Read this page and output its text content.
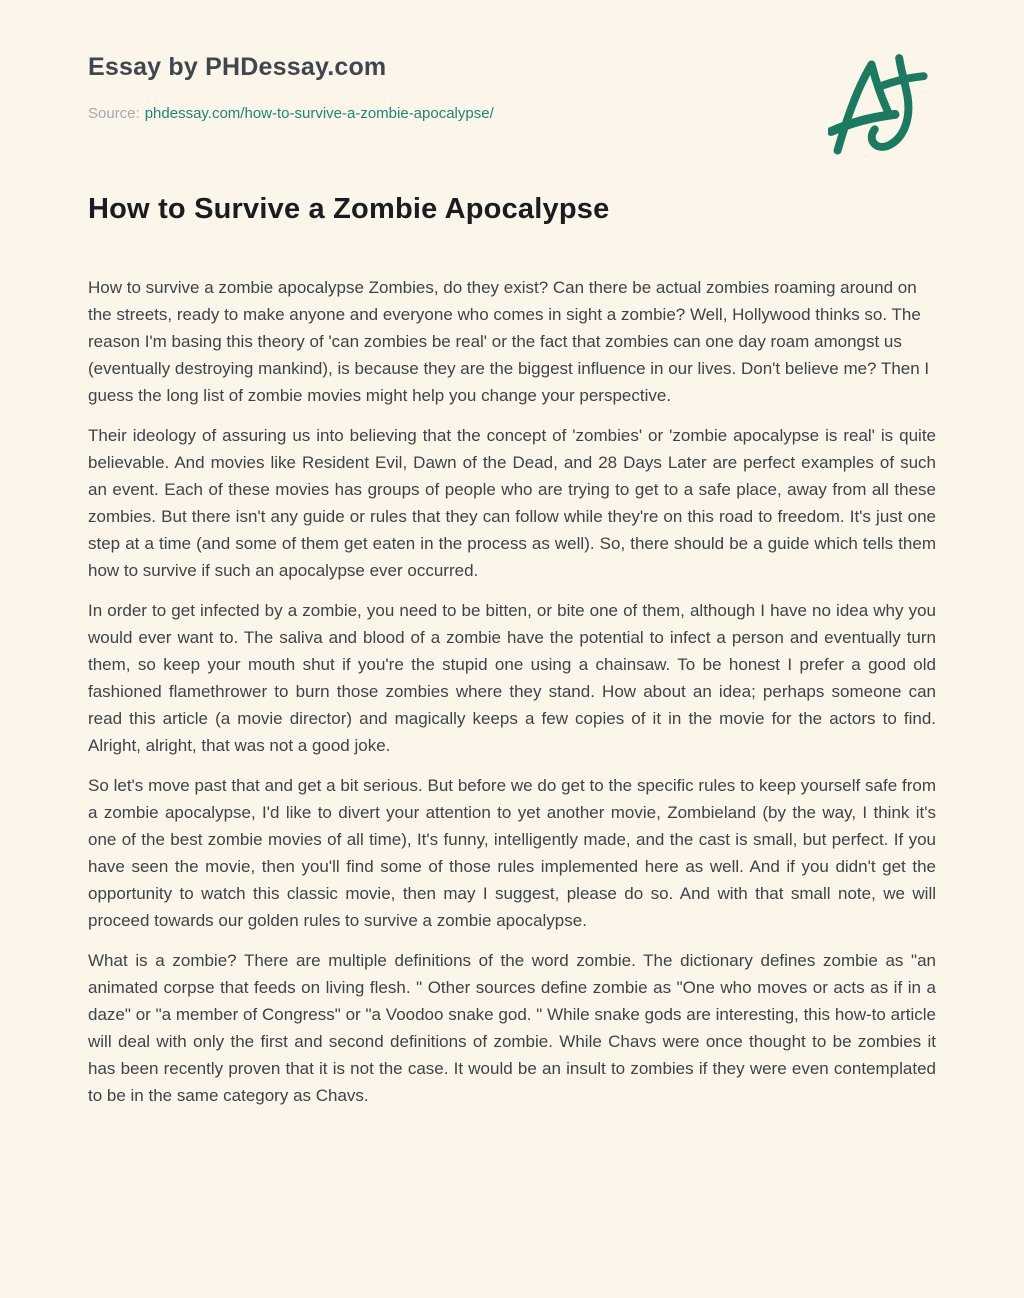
Essay by PHDessay.com
Source: phdessay.com/how-to-survive-a-zombie-apocalypse/
How to Survive a Zombie Apocalypse

How to survive a zombie apocalypse Zombies, do they exist? Can there be actual zombies roaming around on the streets, ready to make anyone and everyone who comes in sight a zombie? Well, Hollywood thinks so. The reason I'm basing this theory of 'can zombies be real' or the fact that zombies can one day roam amongst us (eventually destroying mankind), is because they are the biggest influence in our lives. Don't believe me? Then I guess the long list of zombie movies might help you change your perspective.

Their ideology of assuring us into believing that the concept of 'zombies' or 'zombie apocalypse is real' is quite believable. And movies like Resident Evil, Dawn of the Dead, and 28 Days Later are perfect examples of such an event. Each of these movies has groups of people who are trying to get to a safe place, away from all these zombies. But there isn't any guide or rules that they can follow while they're on this road to freedom. It's just one step at a time (and some of them get eaten in the process as well). So, there should be a guide which tells them how to survive if such an apocalypse ever occurred.

In order to get infected by a zombie, you need to be bitten, or bite one of them, although I have no idea why you would ever want to. The saliva and blood of a zombie have the potential to infect a person and eventually turn them, so keep your mouth shut if you're the stupid one using a chainsaw. To be honest I prefer a good old fashioned flamethrower to burn those zombies where they stand. How about an idea; perhaps someone can read this article (a movie director) and magically keeps a few copies of it in the movie for the actors to find. Alright, alright, that was not a good joke.

So let's move past that and get a bit serious. But before we do get to the specific rules to keep yourself safe from a zombie apocalypse, I'd like to divert your attention to yet another movie, Zombieland (by the way, I think it's one of the best zombie movies of all time), It's funny, intelligently made, and the cast is small, but perfect. If you have seen the movie, then you'll find some of those rules implemented here as well. And if you didn't get the opportunity to watch this classic movie, then may I suggest, please do so. And with that small note, we will proceed towards our golden rules to survive a zombie apocalypse.

What is a zombie? There are multiple definitions of the word zombie. The dictionary defines zombie as "an animated corpse that feeds on living flesh. " Other sources define zombie as "One who moves or acts as if in a daze" or "a member of Congress" or "a Voodoo snake god. " While snake gods are interesting, this how-to article will deal with only the first and second definitions of zombie. While Chavs were once thought to be zombies it has been recently proven that it is not the case. It would be an insult to zombies if they were even contemplated to be in the same category as Chavs.
